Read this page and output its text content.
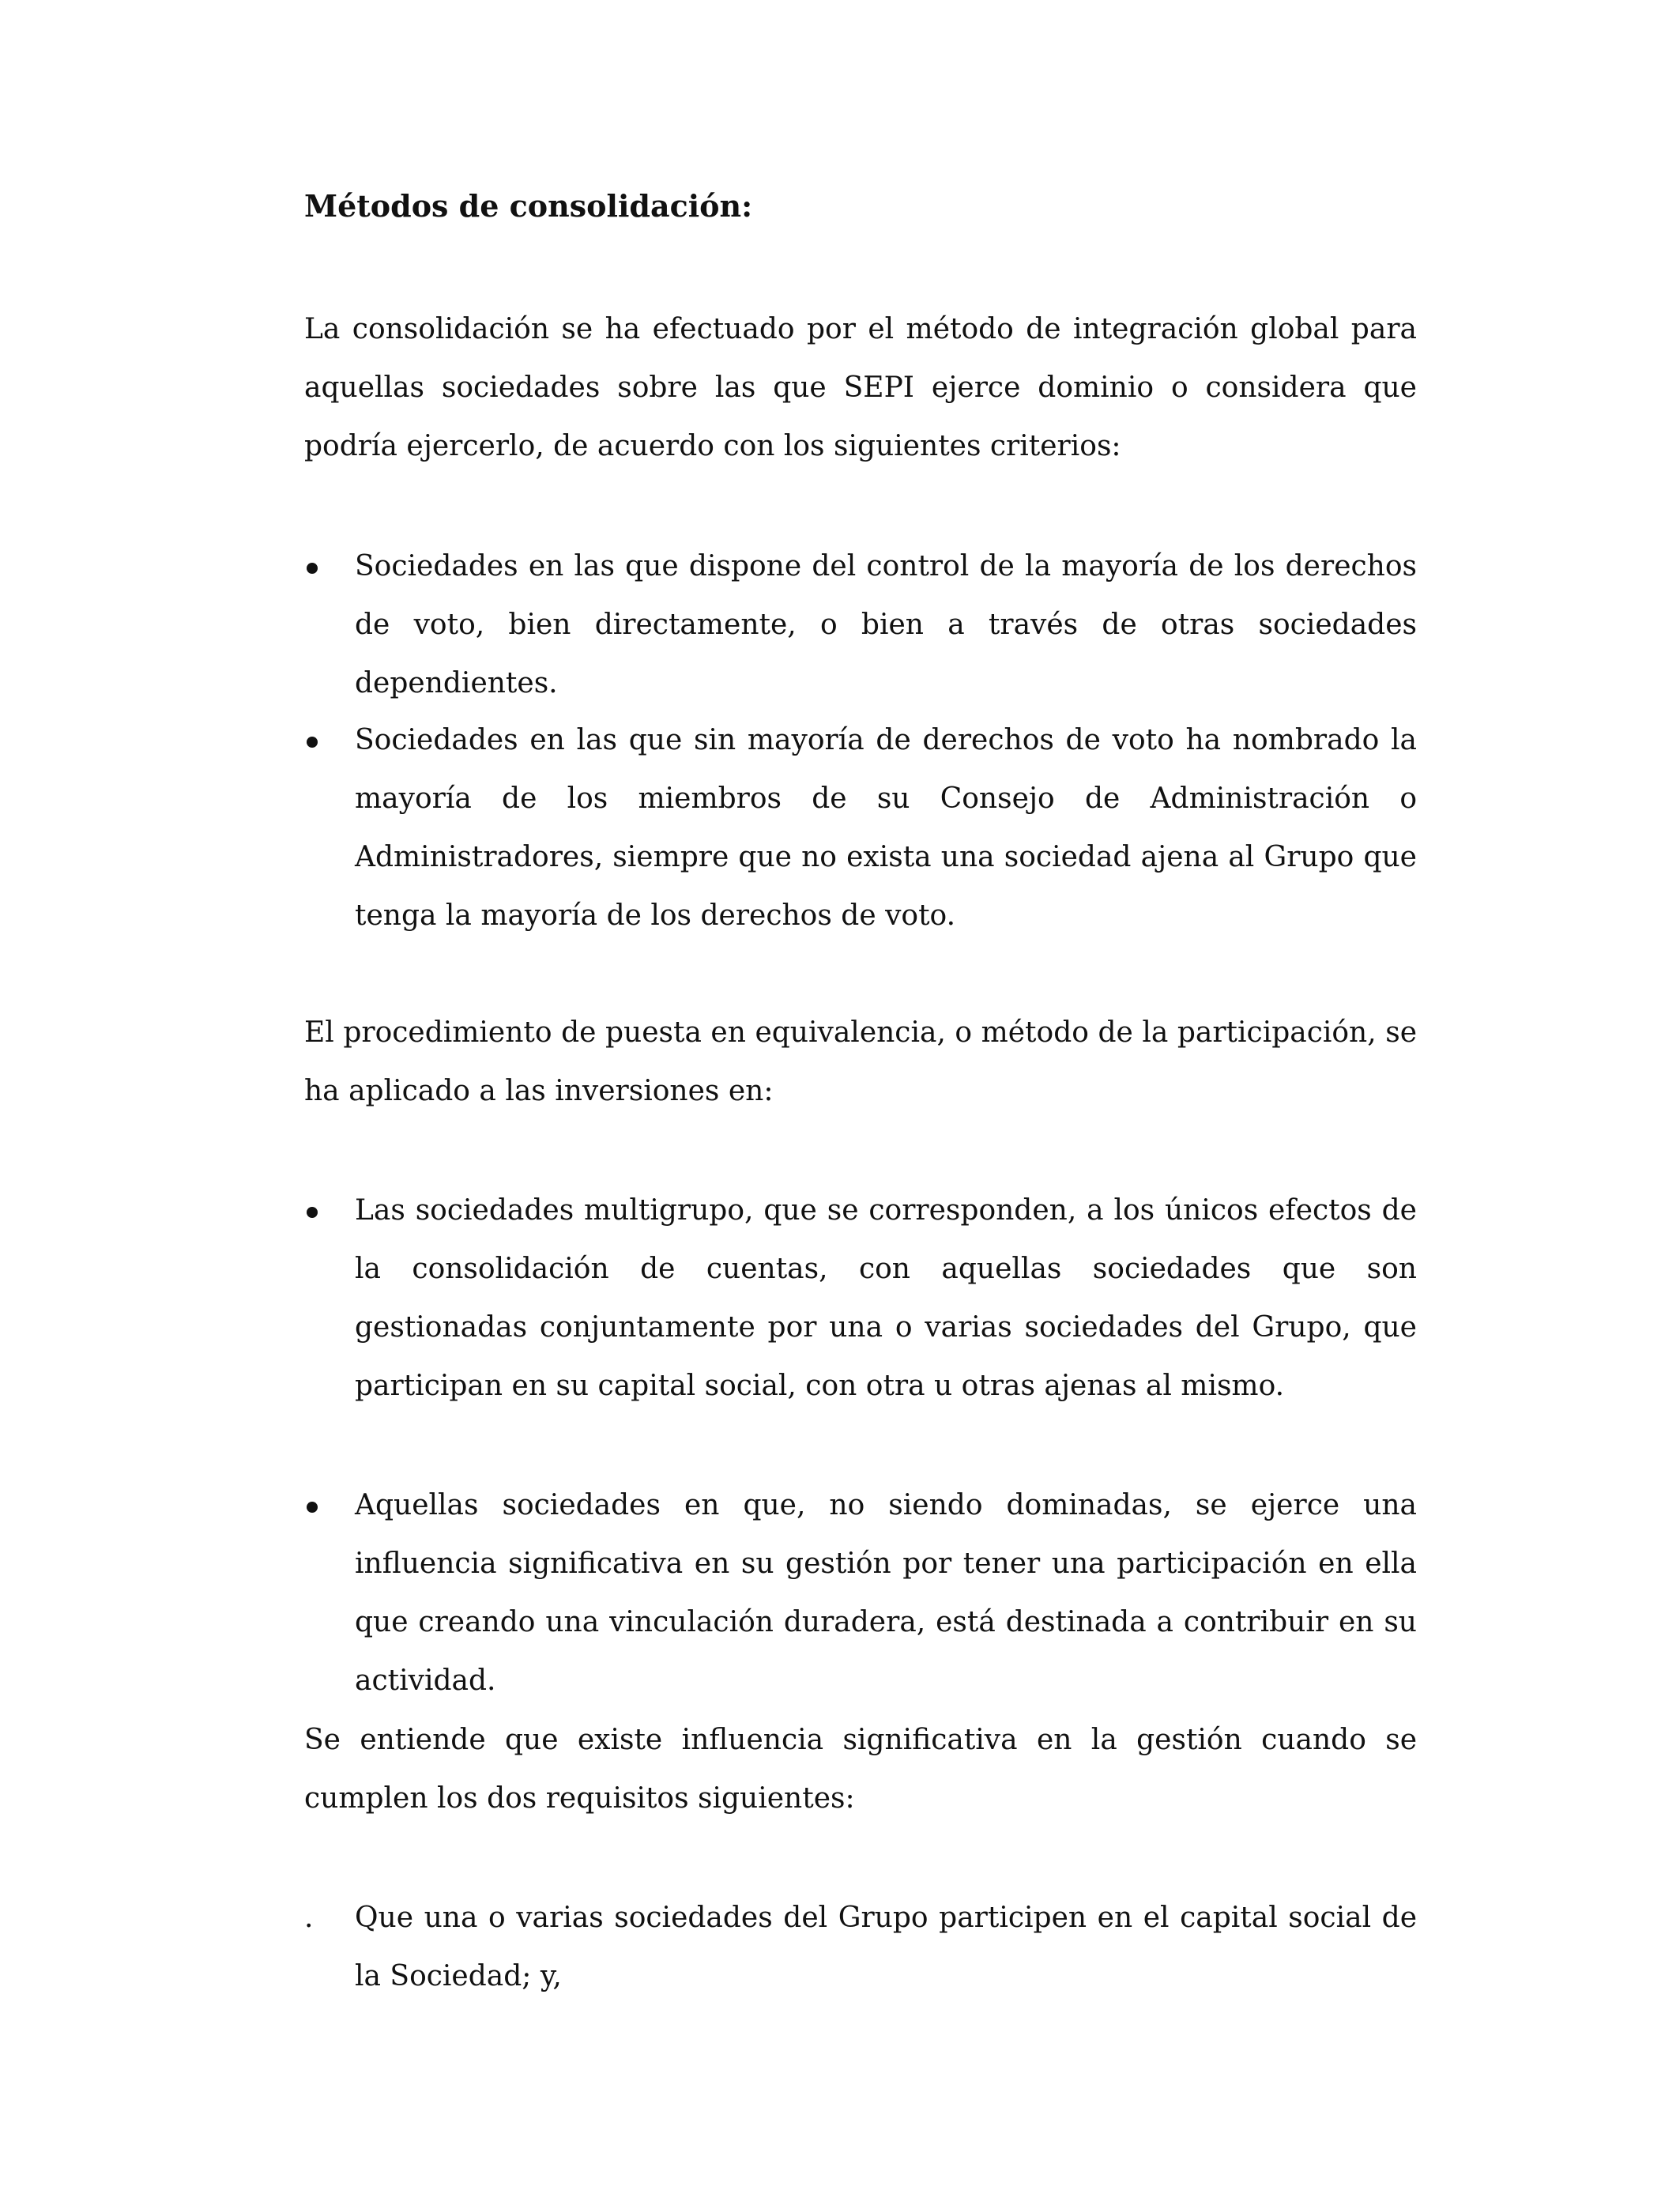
Métodos de consolidación:

La consolidación se ha efectuado por el método de integración global para aquellas sociedades sobre las que SEPI ejerce dominio o considera que podría ejercerlo, de acuerdo con los siguientes criterios:

Sociedades en las que dispone del control de la mayoría de los derechos de voto, bien directamente, o bien a través de otras sociedades dependientes.

Sociedades en las que sin mayoría de derechos de voto ha nombrado la mayoría de los miembros de su Consejo de Administración o Administradores, siempre que no exista una sociedad ajena al Grupo que tenga la mayoría de los derechos de voto.

El procedimiento de puesta en equivalencia, o método de la participación, se ha aplicado a las inversiones en:

Las sociedades multigrupo, que se corresponden, a los únicos efectos de la consolidación de cuentas, con aquellas sociedades que son gestionadas conjuntamente por una o varias sociedades del Grupo, que participan en su capital social, con otra u otras ajenas al mismo.

Aquellas sociedades en que, no siendo dominadas, se ejerce una influencia significativa en su gestión por tener una participación en ella que creando una vinculación duradera, está destinada a contribuir en su actividad.

Se entiende que existe influencia significativa en la gestión cuando se cumplen los dos requisitos siguientes:

.	Que una o varias sociedades del Grupo participen en el capital social de la Sociedad; y,
